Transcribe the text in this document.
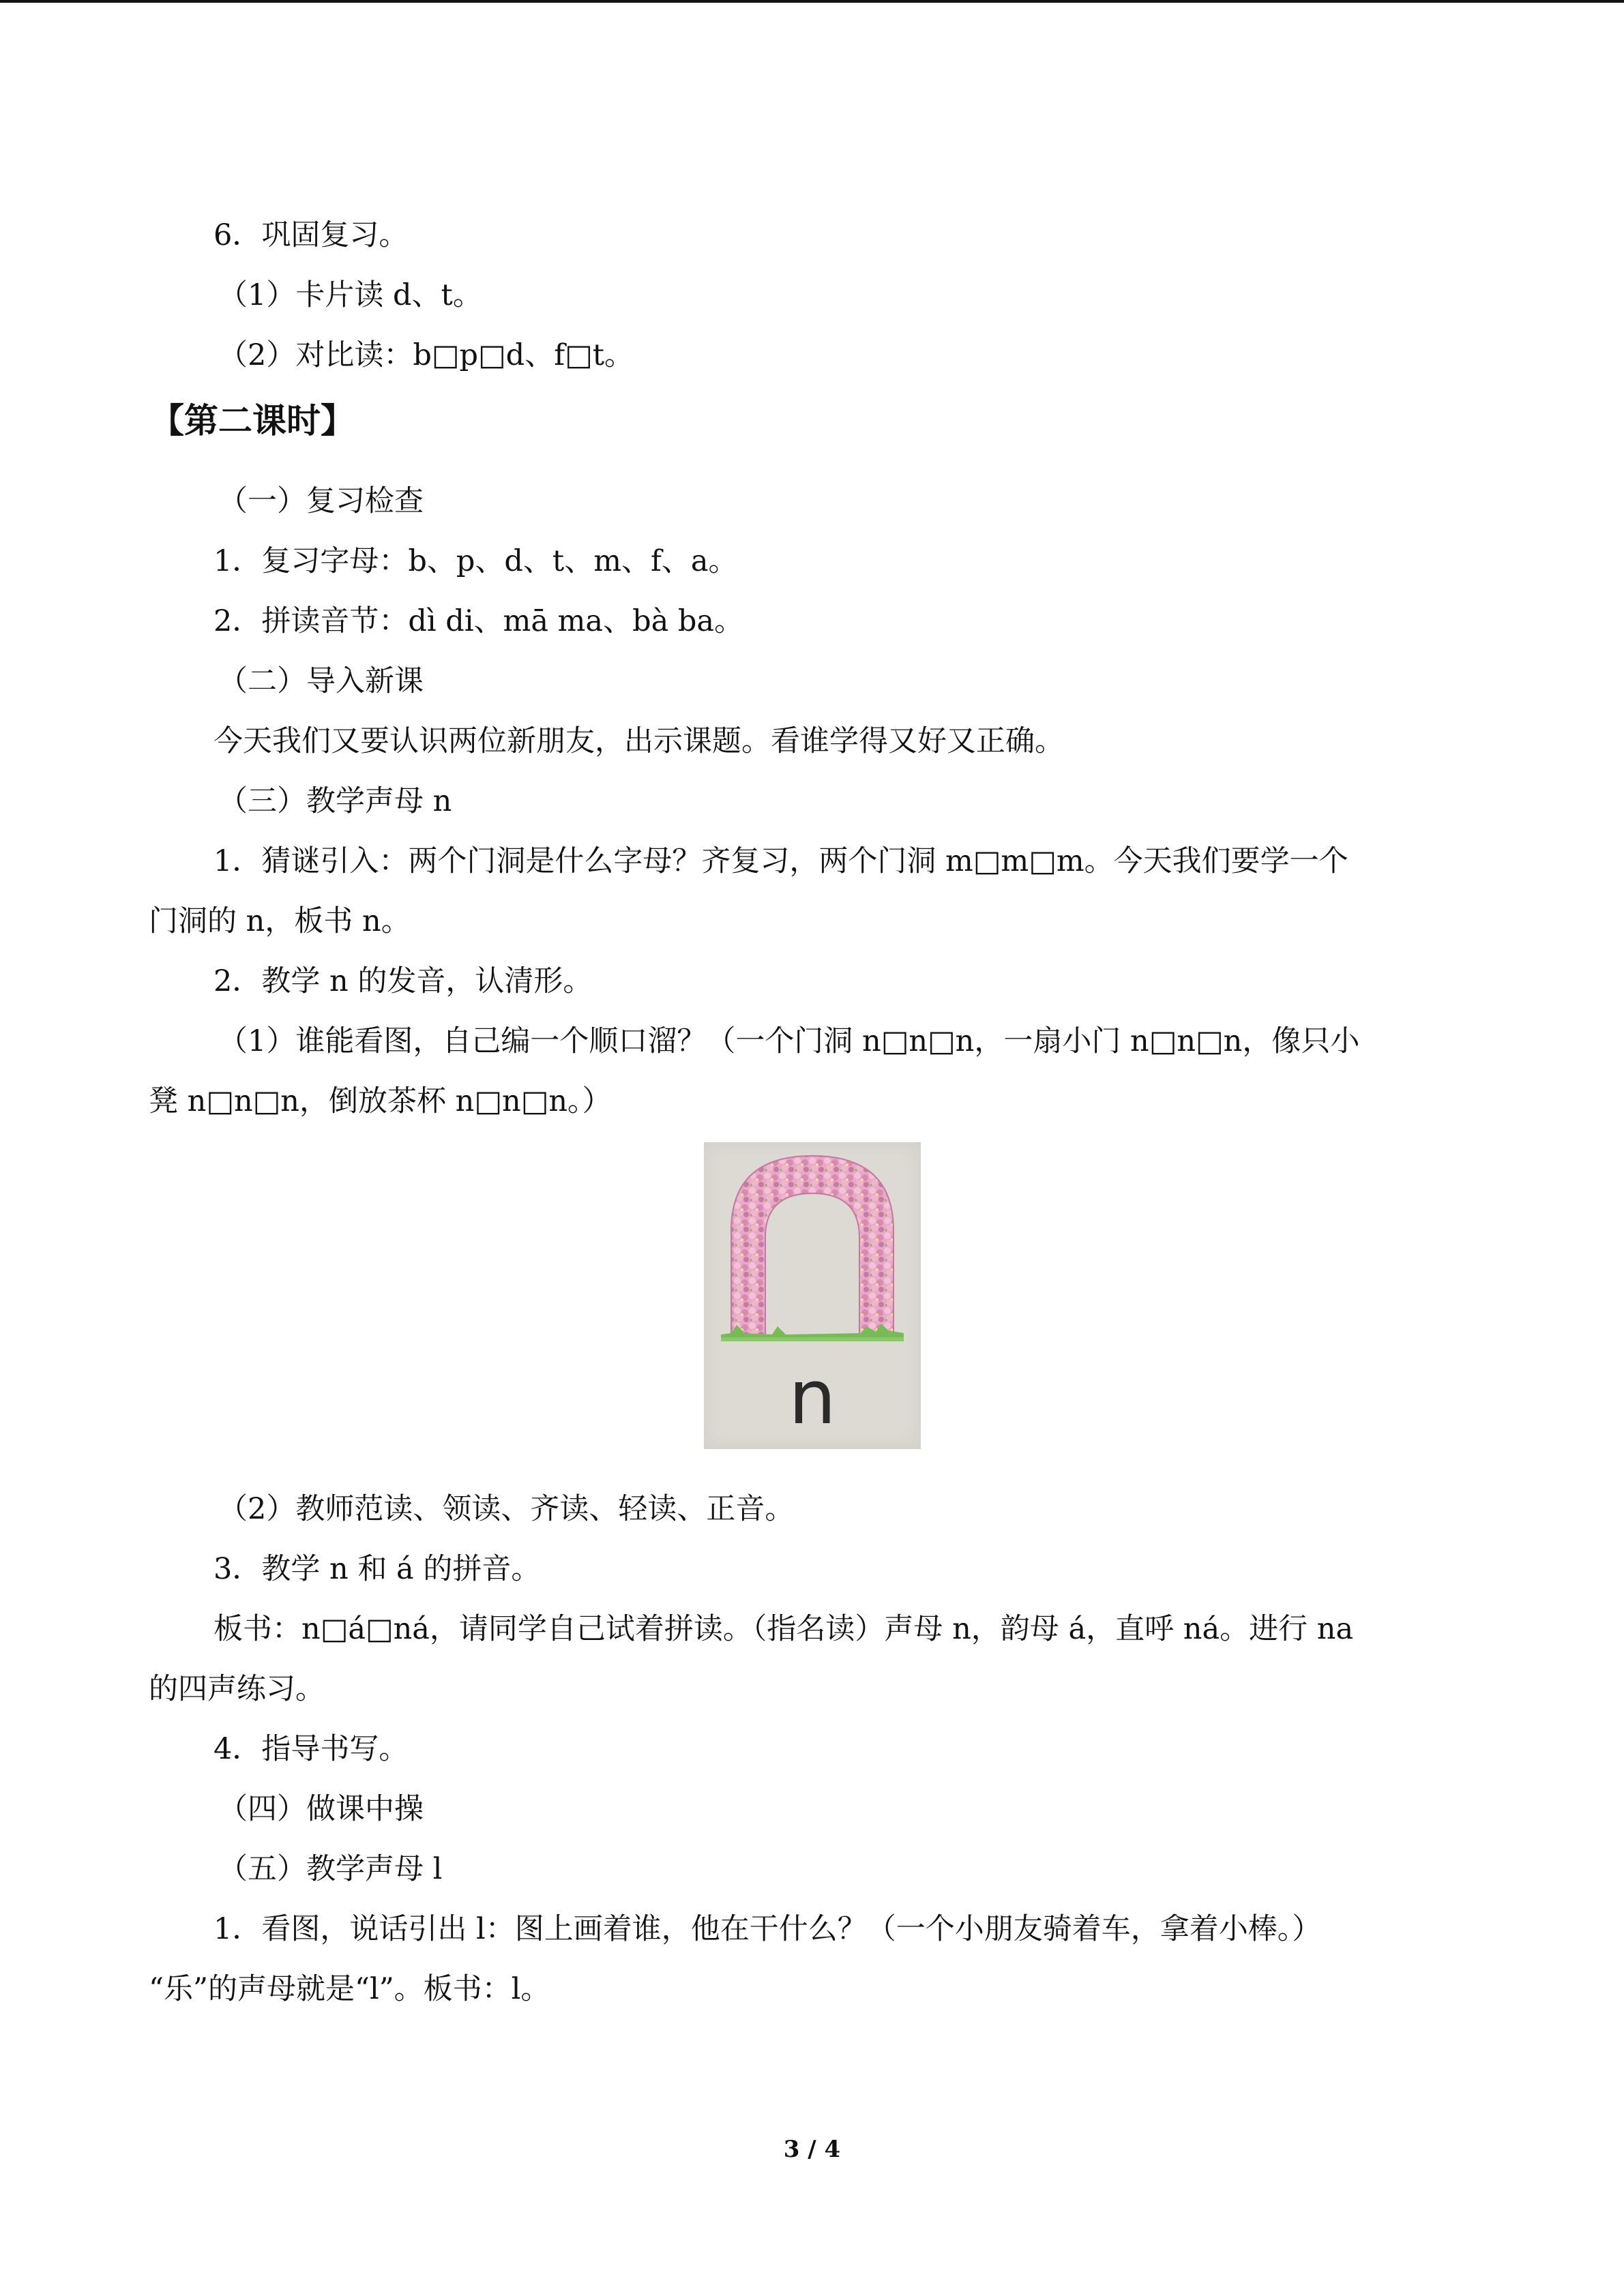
6．巩固复习。
（1）卡片读 d、t。
（2）对比读：b□p□d、f□t。
【第二课时】
（一）复习检查
1．复习字母：b、p、d、t、m、f、a。
2．拼读音节：dì di、mā ma、bà ba。
（二）导入新课
今天我们又要认识两位新朋友，出示课题。看谁学得又好又正确。
（三）教学声母 n
1．猜谜引入：两个门洞是什么字母？齐复习，两个门洞 m□m□m。今天我们要学一个
门洞的 n，板书 n。
2．教学 n 的发音，认清形。
（1）谁能看图，自己编一个顺口溜？（一个门洞 n□n□n，一扇小门 n□n□n，像只小
凳 n□n□n，倒放茶杯 n□n□n。）
n
（2）教师范读、领读、齐读、轻读、正音。
3．教学 n 和 á 的拼音。
板书：n□á□ná，请同学自己试着拼读。（指名读）声母 n，韵母 á，直呼 ná。进行 na
的四声练习。
4．指导书写。
（四）做课中操
（五）教学声母 l
1．看图，说话引出 l：图上画着谁，他在干什么？（一个小朋友骑着车，拿着小棒。）
“乐”的声母就是“l”。板书：l。
3 / 4
